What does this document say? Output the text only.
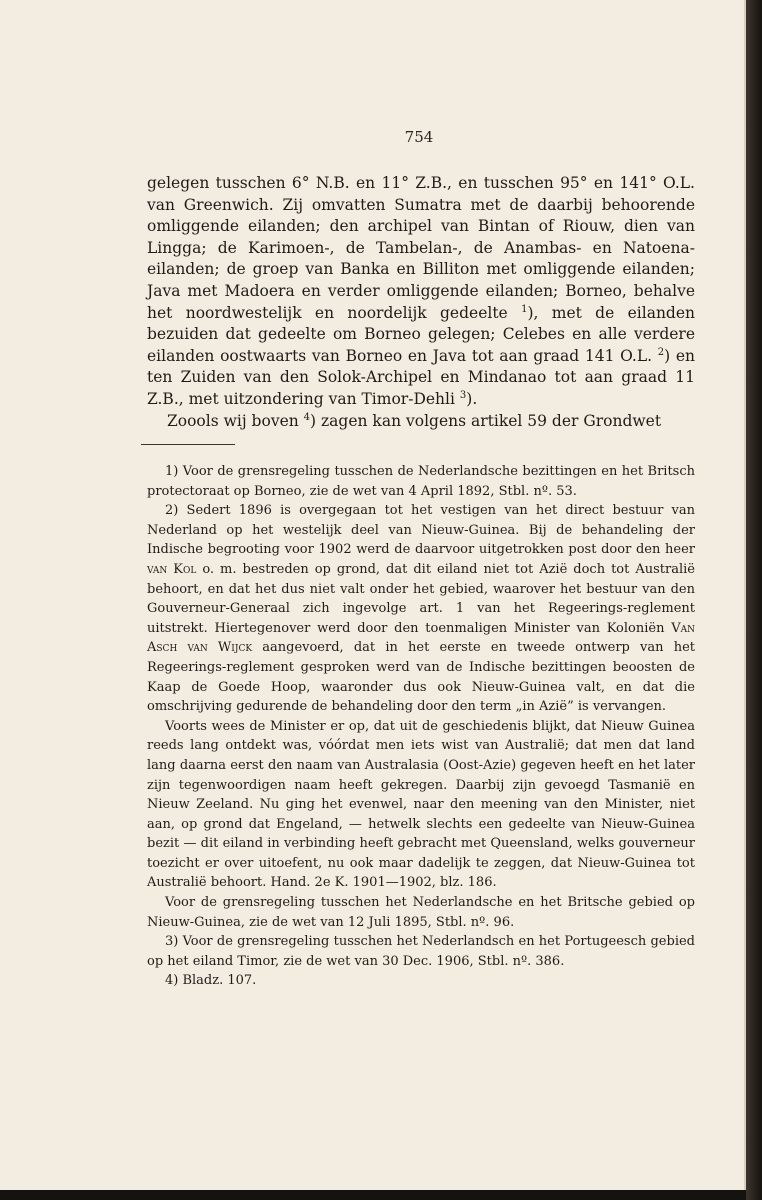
754

gelegen tusschen 6° N.B. en 11° Z.B., en tusschen 95° en 141° O.L. van Greenwich. Zij omvatten Sumatra met de daarbij behoorende omliggende eilanden; den archipel van Bintan of Riouw, dien van Lingga; de Karimoen-, de Tambelan-, de Anambas- en Natoena-eilanden; de groep van Banka en Billiton met omliggende eilanden; Java met Madoera en verder omliggende eilanden; Borneo, behalve het noordwestelijk en noordelijk gedeelte $^1$), met de eilanden bezuiden dat gedeelte om Borneo gelegen; Celebes en alle verdere eilanden oostwaarts van Borneo en Java tot aan graad 141 O.L. $^2$) en ten Zuiden van den Solok-Archipel en Mindanao tot aan graad 11 Z.B., met uitzondering van Timor-Dehli $^3$).

Zoools wij boven $^4$) zagen kan volgens artikel 59 der Grondwet

1) Voor de grensregeling tusschen de Nederlandsche bezittingen en het Britsch protectoraat op Borneo, zie de wet van 4 April 1892, Stbl. nº. 53.

2) Sedert 1896 is overgegaan tot het vestigen van het direct bestuur van Nederland op het westelijk deel van Nieuw-Guinea. Bij de behandeling der Indische begrooting voor 1902 werd de daarvoor uitgetrokken post door den heer van Kol o. m. bestreden op grond, dat dit eiland niet tot Azië doch tot Australië behoort, en dat het dus niet valt onder het gebied, waarover het bestuur van den Gouverneur-Generaal zich ingevolge art. 1 van het Regeerings-reglement uitstrekt. Hiertegenover werd door den toenmaligen Minister van Koloniën Van Asch van Wijck aangevoerd, dat in het eerste en tweede ontwerp van het Regeerings-reglement gesproken werd van de Indische bezittingen beoosten de Kaap de Goede Hoop, waaronder dus ook Nieuw-Guinea valt, en dat die omschrijving gedurende de behandeling door den term „in Azië” is vervangen.

Voorts wees de Minister er op, dat uit de geschiedenis blijkt, dat Nieuw Guinea reeds lang ontdekt was, vóórdat men iets wist van Australië; dat men dat land lang daarna eerst den naam van Australasia (Oost-Azie) gegeven heeft en het later zijn tegenwoordigen naam heeft gekregen. Daarbij zijn gevoegd Tasmanië en Nieuw Zeeland. Nu ging het evenwel, naar den meening van den Minister, niet aan, op grond dat Engeland, — hetwelk slechts een gedeelte van Nieuw-Guinea bezit — dit eiland in verbinding heeft gebracht met Queensland, welks gouverneur toezicht er over uitoefent, nu ook maar dadelijk te zeggen, dat Nieuw-Guinea tot Australië behoort. Hand. 2e K. 1901—1902, blz. 186.

Voor de grensregeling tusschen het Nederlandsche en het Britsche gebied op Nieuw-Guinea, zie de wet van 12 Juli 1895, Stbl. nº. 96.

3) Voor de grensregeling tusschen het Nederlandsch en het Portugeesch gebied op het eiland Timor, zie de wet van 30 Dec. 1906, Stbl. nº. 386.

4) Bladz. 107.
